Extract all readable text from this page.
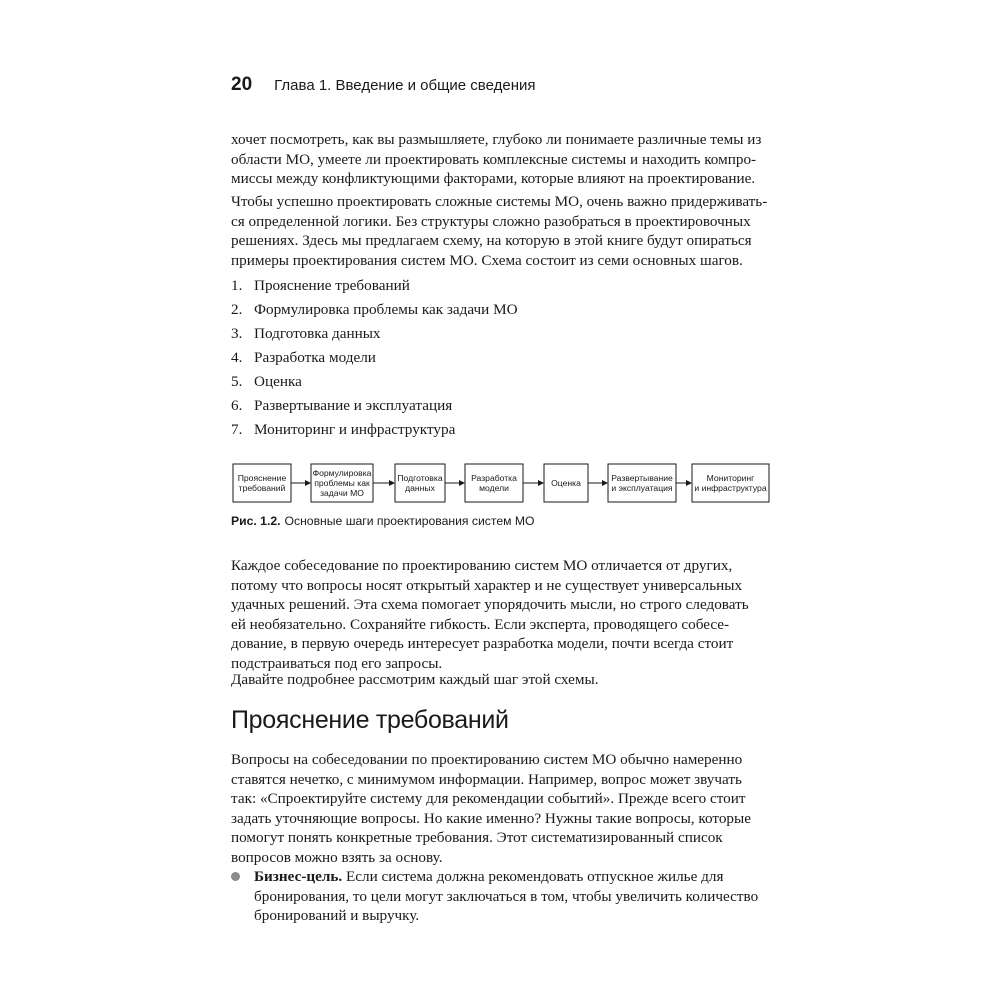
20 Глава 1. Введение и общие сведения

хочет посмотреть, как вы размышляете, глубоко ли понимаете различные темы из
области МО, умеете ли проектировать комплексные системы и находить компро-
миссы между конфликтующими факторами, которые влияют на проектирование.

Чтобы успешно проектировать сложные системы МО, очень важно придерживать-
ся определенной логики. Без структуры сложно разобраться в проектировочных
решениях. Здесь мы предлагаем схему, на которую в этой книге будут опираться
примеры проектирования систем МО. Схема состоит из семи основных шагов.

1. Прояснение требований
2. Формулировка проблемы как задачи МО
3. Подготовка данных
4. Разработка модели
5. Оценка
6. Развертывание и эксплуатация
7. Мониторинг и инфраструктура
Прояснение
требований
Формулировка
проблемы как
задачи МО
Подготовка
данных
Разработка
модели	Оценка	Развертывание
и эксплуатация
Мониторинг
и инфраструктура
Рис. 1.2. Основные шаги проектирования систем МО

Каждое собеседование по проектированию систем МО отличается от других,
потому что вопросы носят открытый характер и не существует универсальных
удачных решений. Эта схема помогает упорядочить мысли, но строго следовать
ей необязательно. Сохраняйте гибкость. Если эксперта, проводящего собесе-
дование, в первую очередь интересует разработка модели, почти всегда стоит
подстраиваться под его запросы.

Давайте подробнее рассмотрим каждый шаг этой схемы.

Прояснение требований

Вопросы на собеседовании по проектированию систем МО обычно намеренно
ставятся нечетко, с минимумом информации. Например, вопрос может звучать
так: «Спроектируйте систему для рекомендации событий». Прежде всего стоит
задать уточняющие вопросы. Но какие именно? Нужны такие вопросы, которые
помогут понять конкретные требования. Этот систематизированный список
вопросов можно взять за основу.

Бизнес-цель. Если система должна рекомендовать отпускное жилье для
бронирования, то цели могут заключаться в том, чтобы увеличить количество
бронирований и выручку.
